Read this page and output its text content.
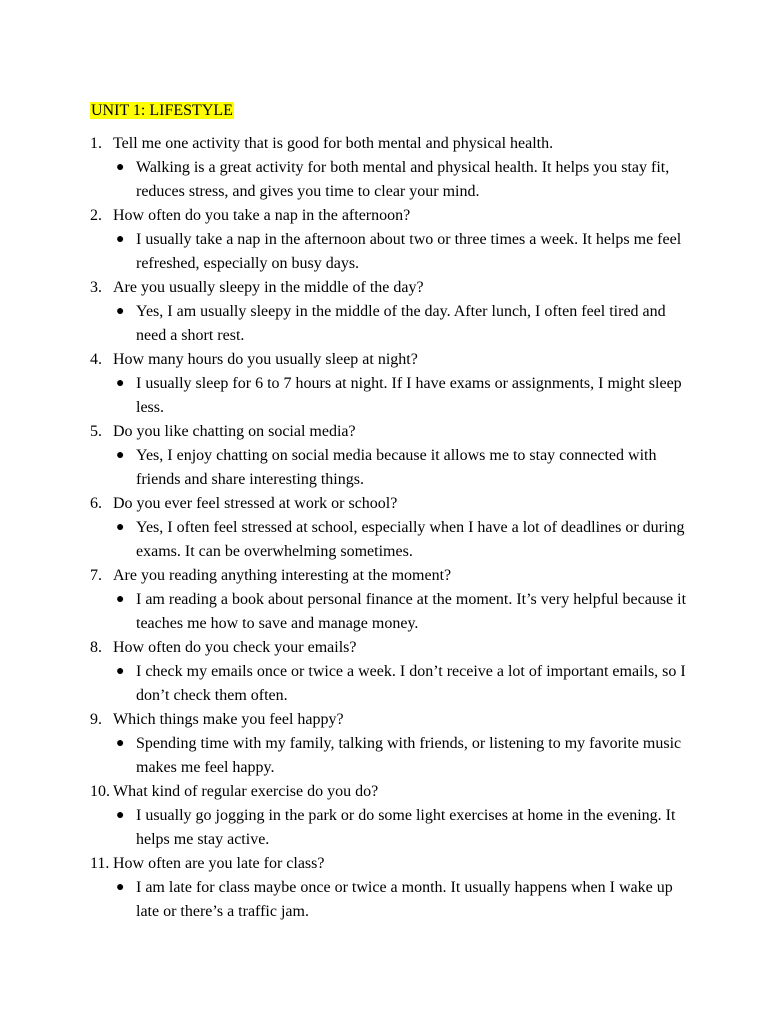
UNIT 1: LIFESTYLE
1. Tell me one activity that is good for both mental and physical health.
● Walking is a great activity for both mental and physical health. It helps you stay fit, reduces stress, and gives you time to clear your mind.
2. How often do you take a nap in the afternoon?
● I usually take a nap in the afternoon about two or three times a week. It helps me feel refreshed, especially on busy days.
3. Are you usually sleepy in the middle of the day?
● Yes, I am usually sleepy in the middle of the day. After lunch, I often feel tired and need a short rest.
4. How many hours do you usually sleep at night?
● I usually sleep for 6 to 7 hours at night. If I have exams or assignments, I might sleep less.
5. Do you like chatting on social media?
● Yes, I enjoy chatting on social media because it allows me to stay connected with friends and share interesting things.
6. Do you ever feel stressed at work or school?
● Yes, I often feel stressed at school, especially when I have a lot of deadlines or during exams. It can be overwhelming sometimes.
7. Are you reading anything interesting at the moment?
● I am reading a book about personal finance at the moment. It’s very helpful because it teaches me how to save and manage money.
8. How often do you check your emails?
● I check my emails once or twice a week. I don’t receive a lot of important emails, so I don’t check them often.
9. Which things make you feel happy?
● Spending time with my family, talking with friends, or listening to my favorite music makes me feel happy.
10. What kind of regular exercise do you do?
● I usually go jogging in the park or do some light exercises at home in the evening. It helps me stay active.
11. How often are you late for class?
● I am late for class maybe once or twice a month. It usually happens when I wake up late or there’s a traffic jam.
